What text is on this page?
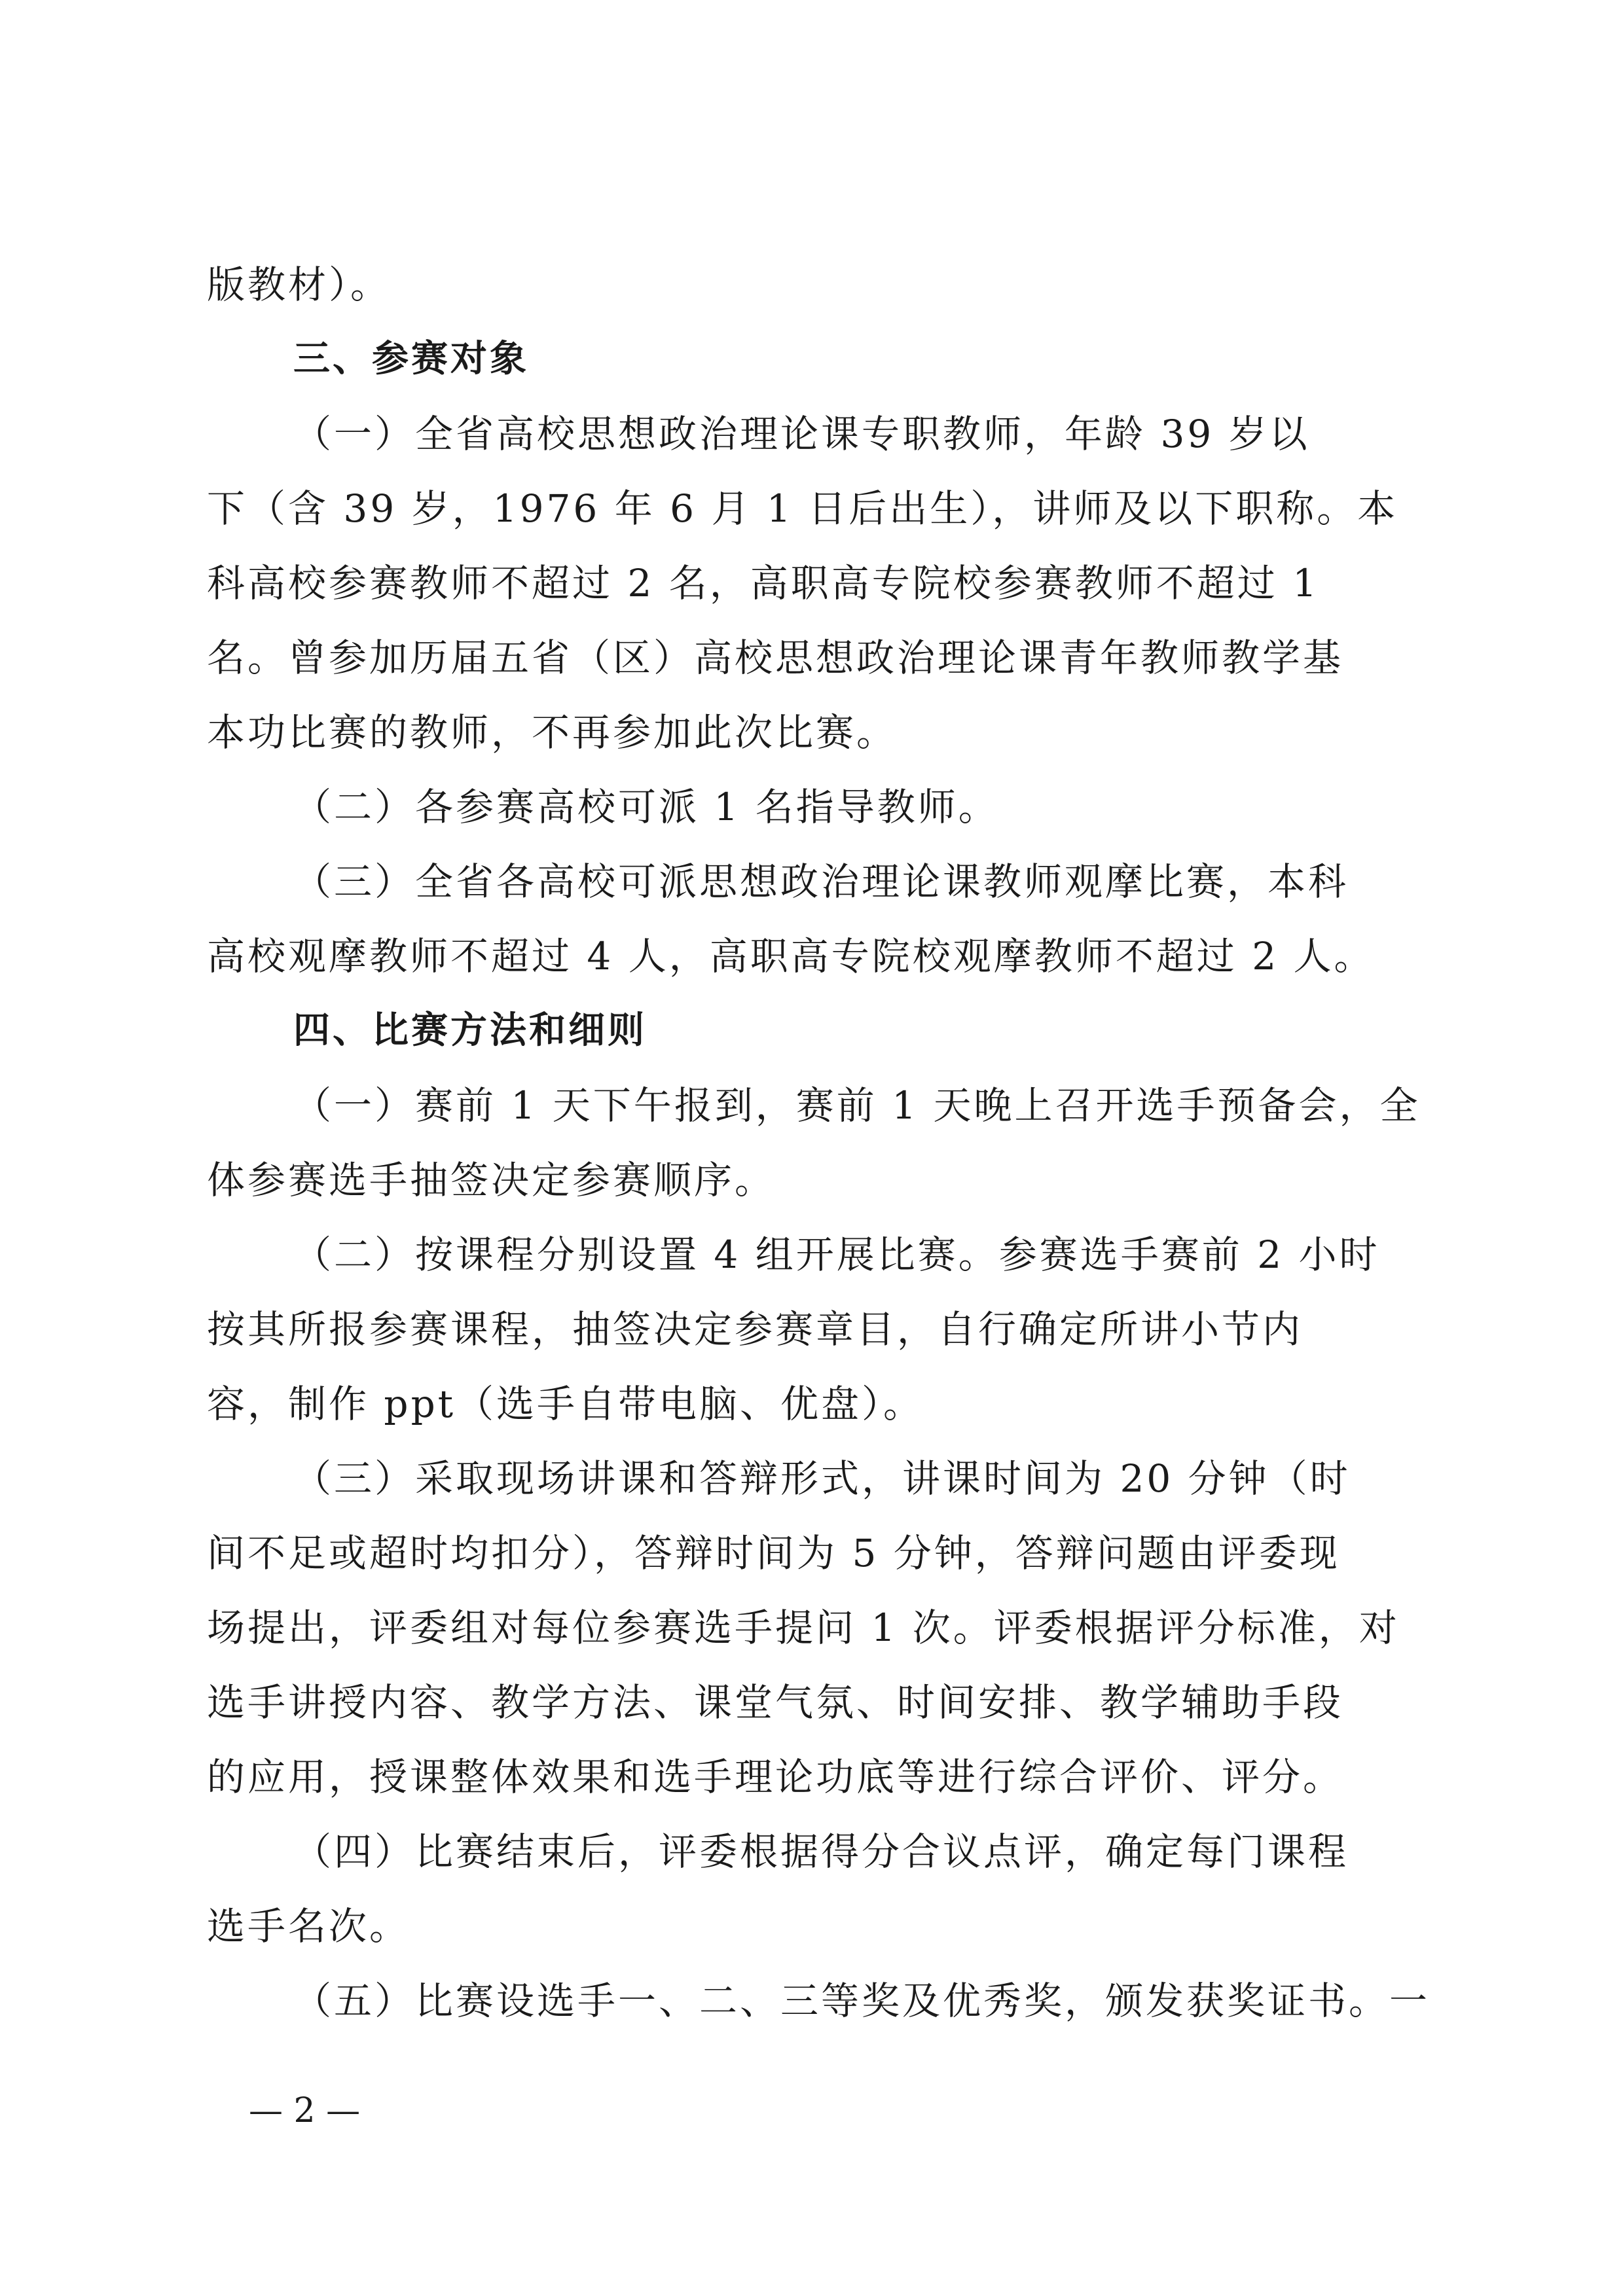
版教材）。
三、参赛对象
（一）全省高校思想政治理论课专职教师，年龄 39 岁以
下（含 39 岁，1976 年 6 月 1 日后出生），讲师及以下职称。本
科高校参赛教师不超过 2 名，高职高专院校参赛教师不超过 1
名。曾参加历届五省（区）高校思想政治理论课青年教师教学基
本功比赛的教师，不再参加此次比赛。
（二）各参赛高校可派 1 名指导教师。
（三）全省各高校可派思想政治理论课教师观摩比赛，本科
高校观摩教师不超过 4 人，高职高专院校观摩教师不超过 2 人。
四、比赛方法和细则
（一）赛前 1 天下午报到，赛前 1 天晚上召开选手预备会，全
体参赛选手抽签决定参赛顺序。
（二）按课程分别设置 4 组开展比赛。参赛选手赛前 2 小时
按其所报参赛课程，抽签决定参赛章目，自行确定所讲小节内
容，制作 ppt（选手自带电脑、优盘）。
（三）采取现场讲课和答辩形式，讲课时间为 20 分钟（时
间不足或超时均扣分），答辩时间为 5 分钟，答辩问题由评委现
场提出，评委组对每位参赛选手提问 1 次。评委根据评分标准，对
选手讲授内容、教学方法、课堂气氛、时间安排、教学辅助手段
的应用，授课整体效果和选手理论功底等进行综合评价、评分。
（四）比赛结束后，评委根据得分合议点评，确定每门课程
选手名次。
（五）比赛设选手一、二、三等奖及优秀奖，颁发获奖证书。一
— 2 —
